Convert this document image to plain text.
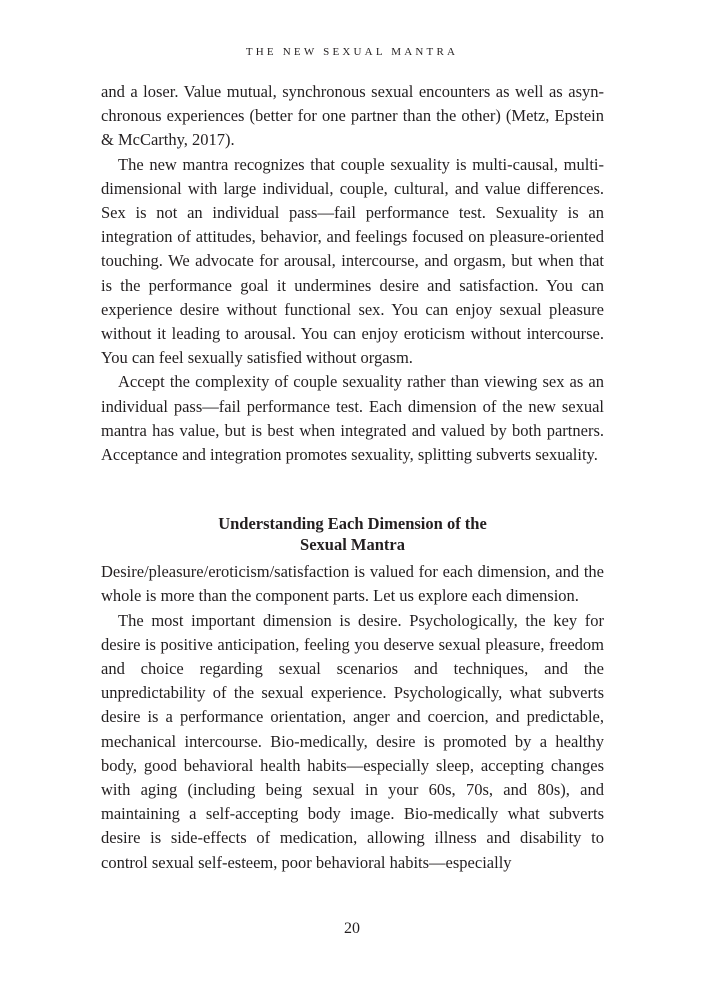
THE NEW SEXUAL MANTRA

and a loser. Value mutual, synchronous sexual encounters as well as asynchronous experiences (better for one partner than the other) (Metz, Epstein & McCarthy, 2017).

The new mantra recognizes that couple sexuality is multi-causal, multi-dimensional with large individual, couple, cultural, and value differences. Sex is not an individual pass—fail performance test. Sexuality is an integration of attitudes, behavior, and feelings focused on pleasure-oriented touching. We advocate for arousal, intercourse, and orgasm, but when that is the performance goal it undermines desire and satisfaction. You can experience desire without functional sex. You can enjoy sexual pleasure without it leading to arousal. You can enjoy eroticism without intercourse. You can feel sexually satisfied without orgasm.

Accept the complexity of couple sexuality rather than viewing sex as an individual pass—fail performance test. Each dimension of the new sexual mantra has value, but is best when integrated and valued by both partners. Acceptance and integration promotes sexuality, splitting subverts sexuality.

Understanding Each Dimension of the
Sexual Mantra

Desire/pleasure/eroticism/satisfaction is valued for each dimension, and the whole is more than the component parts. Let us explore each dimension.

The most important dimension is desire. Psychologically, the key for desire is positive anticipation, feeling you deserve sexual pleasure, freedom and choice regarding sexual scenarios and techniques, and the unpredictability of the sexual experience. Psychologically, what subverts desire is a performance orientation, anger and coercion, and predictable, mechanical intercourse. Bio-medically, desire is promoted by a healthy body, good behavioral health habits—especially sleep, accepting changes with aging (including being sexual in your 60s, 70s, and 80s), and maintaining a self-accepting body image. Bio-medically what subverts desire is side-effects of medication, allowing illness and disability to control sexual self-esteem, poor behavioral habits—especially

20
